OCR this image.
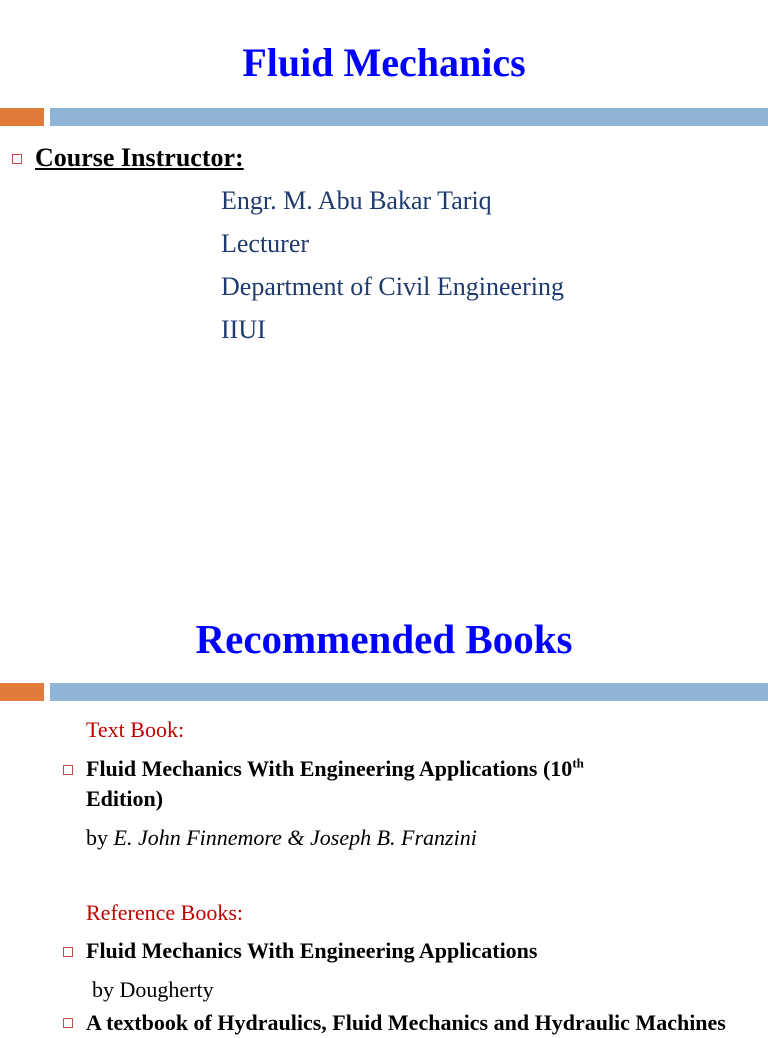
Fluid Mechanics
Course Instructor:
Engr. M. Abu Bakar Tariq
Lecturer
Department of Civil Engineering
IIUI
Recommended Books
Text Book:
Fluid Mechanics With Engineering Applications (10th
Edition)
by E. John Finnemore & Joseph B. Franzini
Reference Books:
Fluid Mechanics With Engineering Applications
by Dougherty
A textbook of Hydraulics, Fluid Mechanics and Hydraulic Machines
